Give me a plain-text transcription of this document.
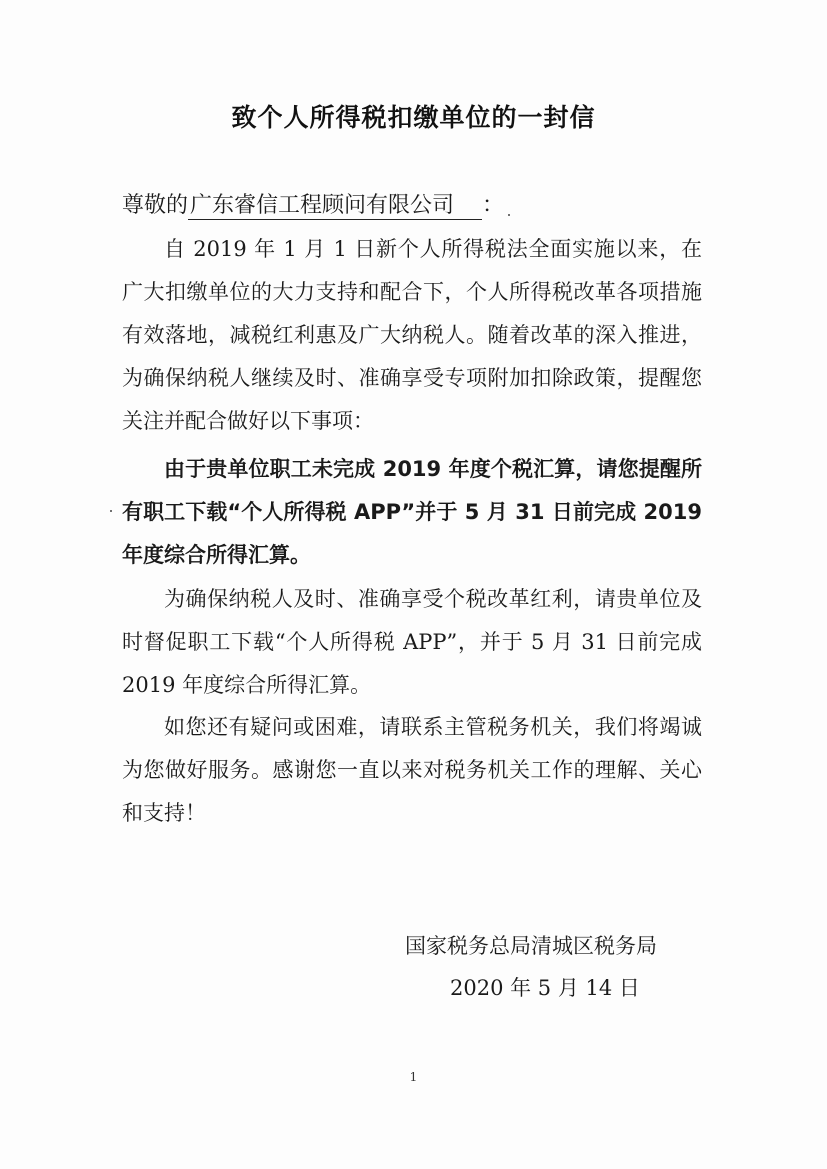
致个人所得税扣缴单位的一封信
尊敬的广东睿信工程顾问有限公司 ：
自 2019 年 1 月 1 日新个人所得税法全面实施以来，在广大扣缴单位的大力支持和配合下，个人所得税改革各项措施有效落地，减税红利惠及广大纳税人。随着改革的深入推进，为确保纳税人继续及时、准确享受专项附加扣除政策，提醒您关注并配合做好以下事项：
由于贵单位职工未完成 2019 年度个税汇算，请您提醒所有职工下载“个人所得税 APP”并于 5 月 31 日前完成 2019 年度综合所得汇算。
为确保纳税人及时、准确享受个税改革红利，请贵单位及时督促职工下载“个人所得税 APP”，并于 5 月 31 日前完成 2019 年度综合所得汇算。
如您还有疑问或困难，请联系主管税务机关，我们将竭诚为您做好服务。感谢您一直以来对税务机关工作的理解、关心和支持！
国家税务总局清城区税务局
2020 年 5 月 14 日
1
